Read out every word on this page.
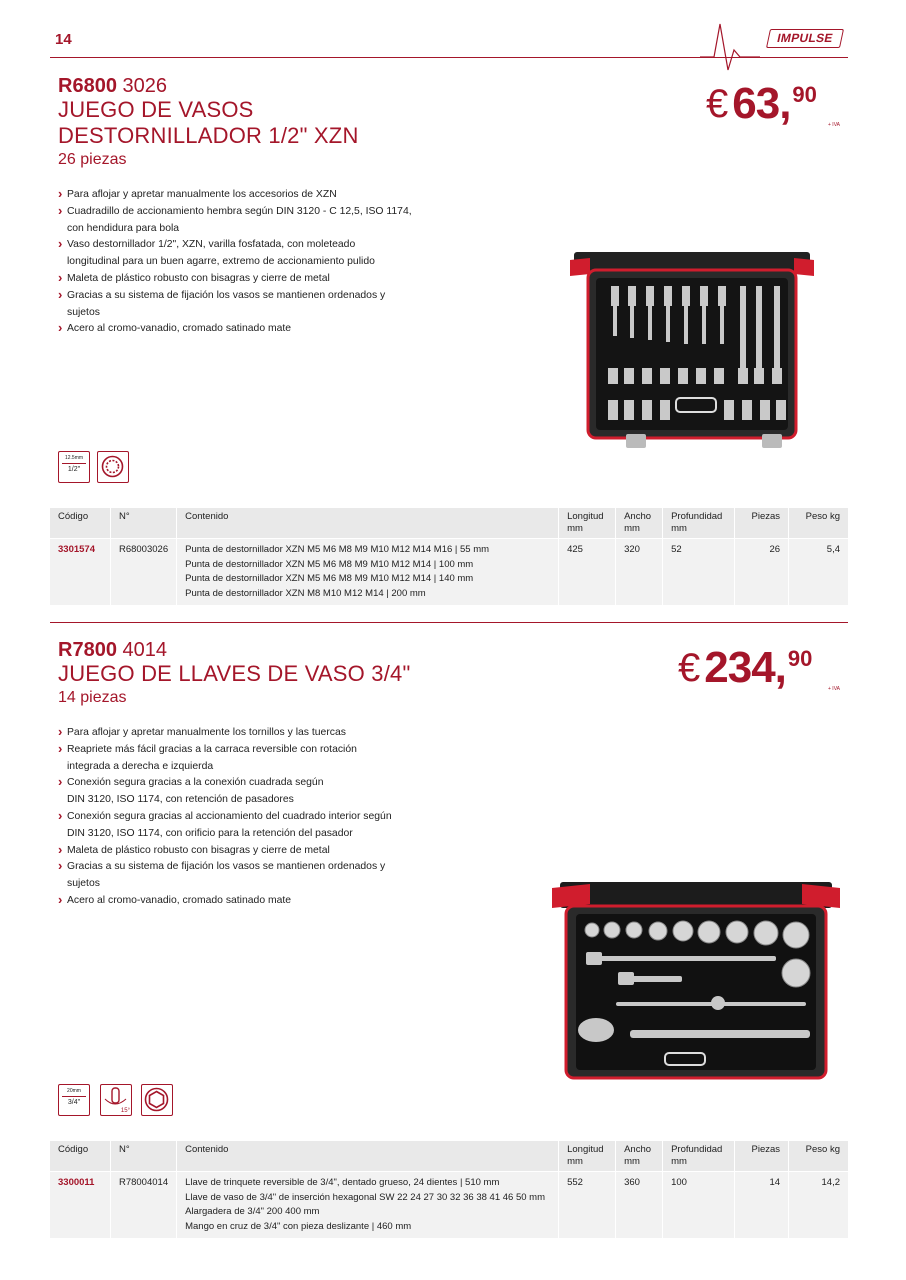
14	IMPULSE
R6800 3026
JUEGO DE VASOS
DESTORNILLADOR 1/2" XZN
26 piezas
€ 63, 90
+ IVA
› Para aflojar y apretar manualmente los accesorios de XZN
› Cuadradillo de accionamiento hembra según DIN 3120 - C 12,5, ISO 1174,
con hendidura para bola
› Vaso destornillador 1/2", XZN, varilla fosfatada, con moleteado
longitudinal para un buen agarre, extremo de accionamiento pulido
› Maleta de plástico robusto con bisagras y cierre de metal
› Gracias a su sistema de fijación los vasos se mantienen ordenados y sujetos
› Acero al cromo-vanadio, cromado satinado mate
12.5mm
1/2"
Código	N°	Contenido	Longitud
mm	Ancho
mm	Profundidad
mm	Piezas	Peso kg
3301574	R68003026	Punta de destornillador XZN M5 M6 M8 M9 M10 M12 M14 M16 | 55 mm
Punta de destornillador XZN M5 M6 M8 M9 M10 M12 M14 | 100 mm
Punta de destornillador XZN M5 M6 M8 M9 M10 M12 M14 | 140 mm
Punta de destornillador XZN M8 M10 M12 M14 | 200 mm	425	320	52	26	5,4
R7800 4014
JUEGO DE LLAVES DE VASO 3/4"
14 piezas
€ 234, 90
+ IVA
› Para aflojar y apretar manualmente los tornillos y las tuercas
› Reapriete más fácil gracias a la carraca reversible con rotación
integrada a derecha e izquierda
› Conexión segura gracias a la conexión cuadrada según
DIN 3120, ISO 1174, con retención de pasadores
› Conexión segura gracias al accionamiento del cuadrado interior según
DIN 3120, ISO 1174, con orificio para la retención del pasador
› Maleta de plástico robusto con bisagras y cierre de metal
› Gracias a su sistema de fijación los vasos se mantienen ordenados y sujetos
› Acero al cromo-vanadio, cromado satinado mate
20mm
3/4"
15°
Código	N°	Contenido	Longitud
mm	Ancho
mm	Profundidad
mm	Piezas	Peso kg
3300011	R78004014	Llave de trinquete reversible de 3/4", dentado grueso, 24 dientes | 510 mm
Llave de vaso de 3/4" de inserción hexagonal SW 22 24 27 30 32 36 38 41 46 50 mm
Alargadera de 3/4" 200 400 mm
Mango en cruz de 3/4" con pieza deslizante | 460 mm	552	360	100	14	14,2
